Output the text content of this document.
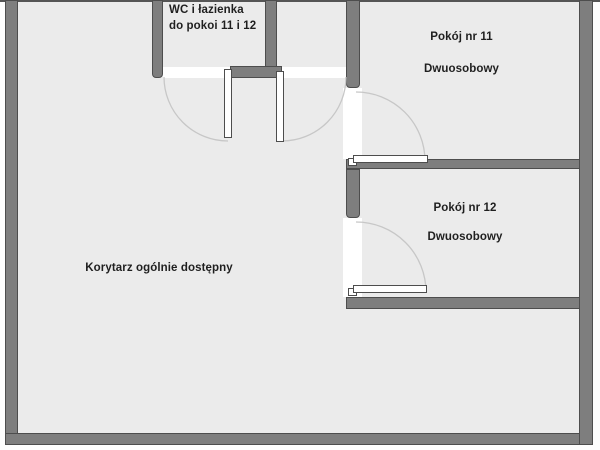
WC i łazienka
do pokoi 11 i 12
Pokój nr 11
Dwuosobowy
Pokój nr 12
Dwuosobowy
Korytarz ogólnie dostępny
